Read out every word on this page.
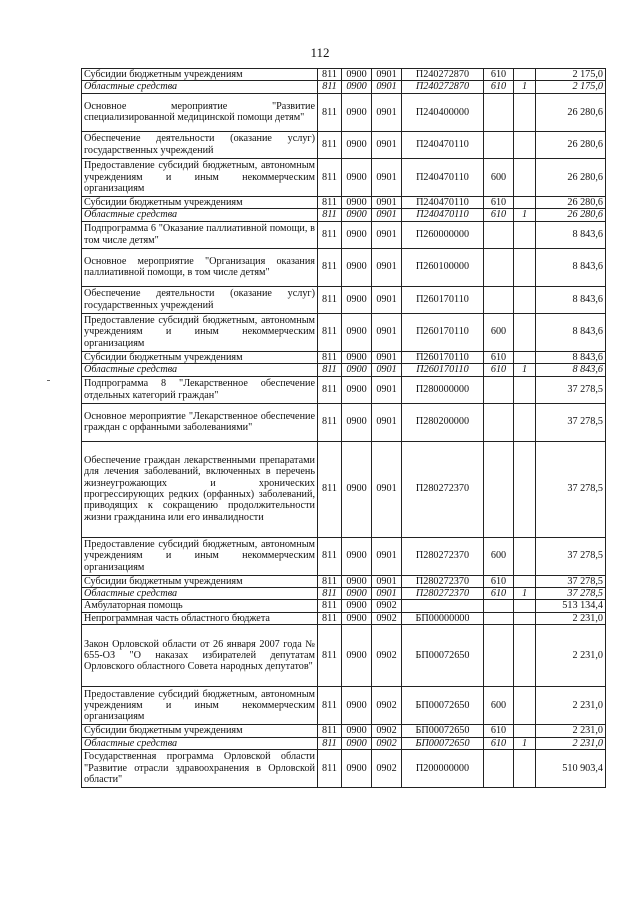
112
Субсидии бюджетным учреждениям	811	0900	0901	П240272870	610		2 175,0
Областные средства	811	0900	0901	П240272870	610	1	2 175,0
Основное мероприятие "Развитие специализированной медицинской помощи детям"	811	0900	0901	П240400000			26 280,6
Обеспечение деятельности (оказание услуг) государственных учреждений	811	0900	0901	П240470110			26 280,6
Предоставление субсидий бюджетным, автономным учреждениям и иным некоммерческим организациям	811	0900	0901	П240470110	600		26 280,6
Субсидии бюджетным учреждениям	811	0900	0901	П240470110	610		26 280,6
Областные средства	811	0900	0901	П240470110	610	1	26 280,6
Подпрограмма 6 "Оказание паллиативной помощи, в том числе детям"	811	0900	0901	П260000000			8 843,6
Основное мероприятие "Организация оказания паллиативной помощи, в том числе детям"	811	0900	0901	П260100000			8 843,6
Обеспечение деятельности (оказание услуг) государственных учреждений	811	0900	0901	П260170110			8 843,6
Предоставление субсидий бюджетным, автономным учреждениям и иным некоммерческим организациям	811	0900	0901	П260170110	600		8 843,6
Субсидии бюджетным учреждениям	811	0900	0901	П260170110	610		8 843,6
Областные средства	811	0900	0901	П260170110	610	1	8 843,6
Подпрограмма 8 "Лекарственное обеспечение отдельных категорий граждан"	811	0900	0901	П280000000			37 278,5
Основное мероприятие "Лекарственное обеспечение граждан с орфанными заболеваниями"	811	0900	0901	П280200000			37 278,5
Обеспечение граждан лекарственными препаратами для лечения заболеваний, включенных в перечень жизнеугрожающих и хронических прогрессирующих редких (орфанных) заболеваний, приводящих к сокращению продолжительности жизни гражданина или его инвалидности	811	0900	0901	П280272370			37 278,5
Предоставление субсидий бюджетным, автономным учреждениям и иным некоммерческим организациям	811	0900	0901	П280272370	600		37 278,5
Субсидии бюджетным учреждениям	811	0900	0901	П280272370	610		37 278,5
Областные средства	811	0900	0901	П280272370	610	1	37 278,5
Амбулаторная помощь	811	0900	0902				513 134,4
Непрограммная часть областного бюджета	811	0900	0902	БП00000000			2 231,0
Закон Орловской области от 26 января 2007 года № 655-ОЗ "О наказах избирателей депутатам Орловского областного Совета народных депутатов"	811	0900	0902	БП00072650			2 231,0
Предоставление субсидий бюджетным, автономным учреждениям и иным некоммерческим организациям	811	0900	0902	БП00072650	600		2 231,0
Субсидии бюджетным учреждениям	811	0900	0902	БП00072650	610		2 231,0
Областные средства	811	0900	0902	БП00072650	610	1	2 231,0
Государственная программа Орловской области "Развитие отрасли здравоохранения в Орловской области"	811	0900	0902	П200000000			510 903,4
